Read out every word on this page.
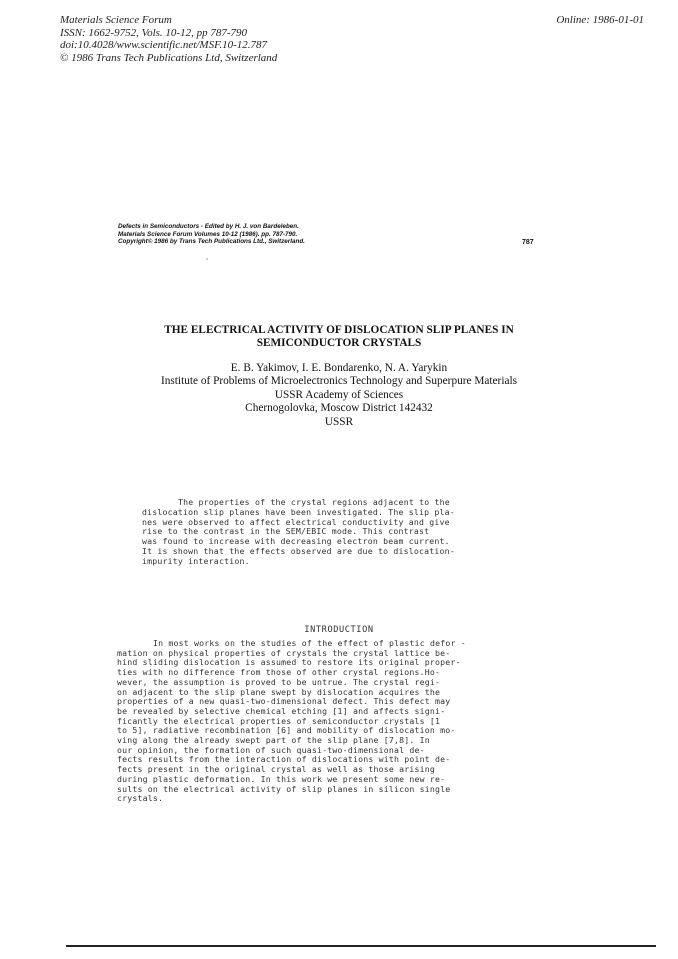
Materials Science Forum
ISSN: 1662-9752, Vols. 10-12, pp 787-790
doi:10.4028/www.scientific.net/MSF.10-12.787
© 1986 Trans Tech Publications Ltd, Switzerland
Online: 1986-01-01
Defects in Semiconductors - Edited by H. J. von Bardeleben.
Materials Science Forum Volumes 10-12 (1986). pp. 787-790.
Copyright© 1986 by Trans Tech Publications Ltd., Switzerland.	787
THE ELECTRICAL ACTIVITY OF DISLOCATION SLIP PLANES IN
SEMICONDUCTOR CRYSTALS
E. B. Yakimov, I. E. Bondarenko, N. A. Yarykin
Institute of Problems of Microelectronics Technology and Superpure Materials
USSR Academy of Sciences
Chernogolovka, Moscow District 142432
USSR
The properties of the crystal regions adjacent to the
dislocation slip planes have been investigated. The slip pla-
nes were observed to affect electrical conductivity and give
rise to the contrast in the SEM/EBIC mode. This contrast
was found to increase with decreasing electron beam current.
It is shown that the effects observed are due to dislocation-
impurity interaction.
INTRODUCTION
In most works on the studies of the effect of plastic defor -
mation on physical properties of crystals the crystal lattice be-
hind sliding dislocation is assumed to restore its original proper-
ties with no difference from those of other crystal regions.Ho-
wever, the assumption is proved to be untrue. The crystal regi-
on adjacent to the slip plane swept by dislocation acquires the
properties of a new quasi-two-dimensional defect. This defect may
be revealed by selective chemical etching [1] and affects signi-
ficantly the electrical properties of semiconductor crystals [1
to 5], radiative recombination [6] and mobility of dislocation mo-
ving along the already swept part of the slip plane [7,8]. In
our opinion, the formation of such quasi-two-dimensional de-
fects results from the interaction of dislocations with point de-
fects present in the original crystal as well as those arising
during plastic deformation. In this work we present some new re-
sults on the electrical activity of slip planes in silicon single
crystals.
